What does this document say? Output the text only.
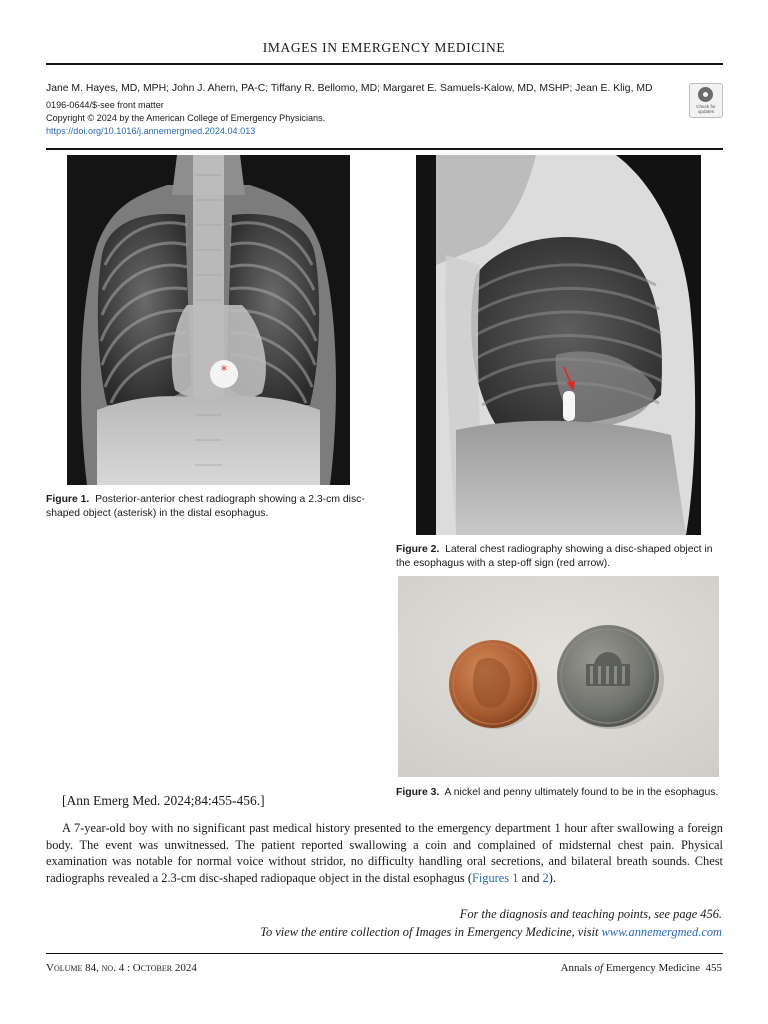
IMAGES IN EMERGENCY MEDICINE
Jane M. Hayes, MD, MPH; John J. Ahern, PA-C; Tiffany R. Bellomo, MD; Margaret E. Samuels-Kalow, MD, MSHP; Jean E. Klig, MD
0196-0644/$-see front matter
Copyright © 2024 by the American College of Emergency Physicians.
https://doi.org/10.1016/j.annemergmed.2024.04.013
Check for updates
*
Figure 1. Posterior-anterior chest radiograph showing a 2.3-cm disc-shaped object (asterisk) in the distal esophagus.
Figure 2. Lateral chest radiography showing a disc-shaped object in the esophagus with a step-off sign (red arrow).
Figure 3. A nickel and penny ultimately found to be in the esophagus.
[Ann Emerg Med. 2024;84:455-456.]

A 7-year-old boy with no significant past medical history presented to the emergency department 1 hour after swallowing a foreign body. The event was unwitnessed. The patient reported swallowing a coin and complained of midsternal chest pain. Physical examination was notable for normal voice without stridor, no difficulty handling oral secretions, and bilateral breath sounds. Chest radiographs revealed a 2.3-cm disc-shaped radiopaque object in the distal esophagus (Figures 1 and 2).

For the diagnosis and teaching points, see page 456.
To view the entire collection of Images in Emergency Medicine, visit www.annemergmed.com
Volume 84, no. 4 : October 2024	Annals of Emergency Medicine 455
